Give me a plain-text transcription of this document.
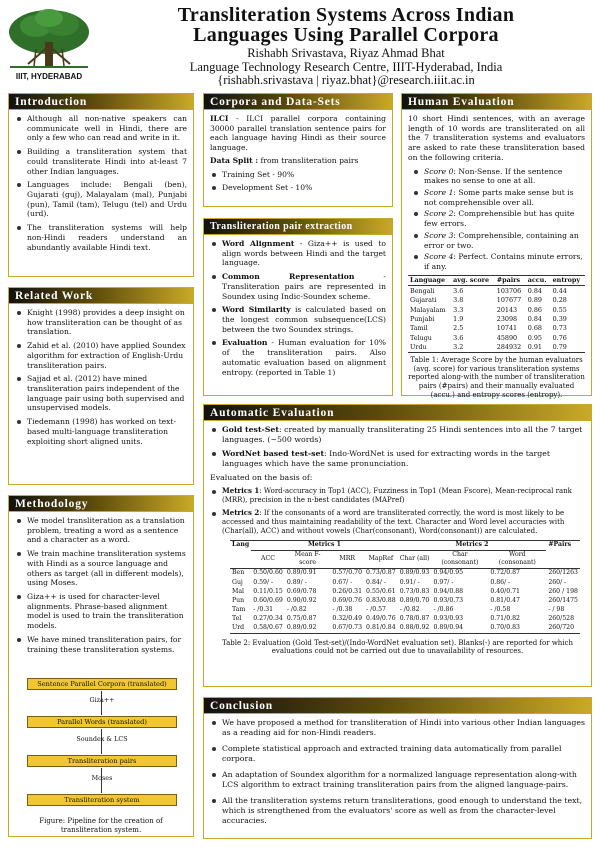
IIIT, HYDERABAD
Transliteration Systems Across Indian
Languages Using Parallel Corpora
Rishabh Srivastava, Riyaz Ahmad Bhat
Language Technology Research Centre, IIIT-Hyderabad, India
{rishabh.srivastava | riyaz.bhat}@research.iiit.ac.in
Introduction
Although all non-native speakers can communicate well in Hindi, there are only a few who can read and write in it.
Building a transliteration system that could transliterate Hindi into at-least 7 other Indian languages.
Languages include: Bengali (ben), Gujarati (guj), Malayalam (mal), Punjabi (pun), Tamil (tam), Telugu (tel) and Urdu (urd).
The transliteration systems will help non-Hindi readers understand an abundantly available Hindi text.
Related Work
Knight (1998) provides a deep insight on how transliteration can be thought of as translation.
Zahid et al. (2010) have applied Soundex algorithm for extraction of English-Urdu transliteration pairs.
Sajjad et al. (2012) have mined transliteration pairs independent of the language pair using both supervised and unsupervised models.
Tiedemann (1998) has worked on text-based multi-language transliteration exploiting short aligned units.
Methodology
We model transliteration as a translation problem, treating a word as a sentence and a character as a word.
We train machine transliteration systems with Hindi as a source language and others as target (all in different models), using Moses.
Giza++ is used for character-level alignments. Phrase-based alignment model is used to train the transliteration models.
We have mined transliteration pairs, for training these transliteration systems.
Sentence Parallel Corpora (translated)
Giza++
Parallel Words (translated)
Soundex & LCS
Transliteration pairs
Moses
Transliteration system
Figure: Pipeline for the creation of transliteration system.
Corpora and Data-Sets

ILCI - ILCI parallel corpora containing 30000 parallel translation sentence pairs for each language having Hindi as their source language.

Data Split : from transliteration pairs

Training Set - 90%
Development Set - 10%
Transliteration pair extraction
Word Alignment - Giza++ is used to align words between Hindi and the target language.
Common Representation - Transliteration pairs are represented in Soundex using Indic-Soundex scheme.
Word Similarity is calculated based on the longest common subsequence(LCS) between the two Soundex strings.
Evaluation - Human evaluation for 10% of the transliteration pairs. Also automatic evaluation based on alignment entropy. (reported in Table 1)
Human Evaluation

10 short Hindi sentences, with an average length of 10 words are transliterated on all the 7 transliteration systems and evaluators are asked to rate these transliteration based on the following criteria.

Score 0: Non-Sense. If the sentence makes no sense to one at all.
Score 1: Some parts make sense but is not comprehensible over all.
Score 2: Comprehensible but has quite few errors.
Score 3: Comprehensible, containing an error or two.
Score 4: Perfect. Contains minute errors, if any.
Language	avg. score	#pairs	accu.	entropy
Bengali	3.6	103706	0.84	0.44
Gujarati	3.8	107677	0.89	0.28
Malayalam	3.3	20143	0.86	0.55
Punjabi	1.9	23098	0.84	0.39
Tamil	2.5	10741	0.68	0.73
Telugu	3.6	45890	0.95	0.76
Urdu	3.2	284932	0.91	0.79

Table 1: Average Score by the human evaluators (avg. score) for various transliteration systems reported along-with the number of transliteration pairs (#pairs) and their manually evaluated (accu.) and entropy scores (entropy).

Automatic Evaluation
Gold test-Set: created by manually transliterating 25 Hindi sentences into all the 7 target languages. (~500 words)
WordNet based test-set: Indo-WordNet is used for extracting words in the target languages which have the same pronunciation.

Evaluated on the basis of:

Metrics 1: Word-accuracy in Top1 (ACC), Fuzziness in Top1 (Mean Fscore), Mean-reciprocal rank (MRR), precision in the n-best candidates (MAPref)
Metrics 2: If the consonants of a word are transliterated correctly, the word is most likely to be accessed and thus maintaining readability of the text. Character and Word level accuracies with (Char(all), ACC) and without vowels (Char(consonant), Word(consonant)) are calculated.
Lang	Metrics 1				Metrics 2			#Pairs
	ACC	Mean F-score	MRR	MapRef	Char (all)	Char (consonant)	Word (consonant)	
Ben	0.50/0.60	0.89/0.91	0.57/0.70	0.73/0.87	0.89/0.93	0.94/0.95	0.72/0.87	260/1263
Guj	0.59/ -	0.89/ -	0.67/ -	0.84/ -	0.91/ -	0.97/ -	0.86/ -	260/ -
Mal	0.11/0.15	0.69/0.78	0.26/0.31	0.55/0.61	0.73/0.83	0.94/0.88	0.40/0.71	260 / 198
Pun	0.60/0.69	0.90/0.92	0.69/0.76	0.83/0.88	0.89/0.70	0.93/0.73	0.81/0.47	260/1475
Tam	- /0.31	- /0.82	- /0.38	- /0.57	- /0.82	- /0.86	- /0.58	- / 98
Tel	0.27/0.34	0.75/0.87	0.32/0.49	0.49/0.76	0.78/0.87	0.93/0.93	0.71/0.82	260/528
Urd	0.58/0.67	0.89/0.92	0.67/0.73	0.81/0.84	0.88/0.92	0.89/0.94	0.70/0.83	260/720

Table 2: Evaluation (Gold Test-set)/(Indo-WordNet evaluation set). Blanks(-) are reported for which evaluations could not be carried out due to unavailability of resources.

Conclusion
We have proposed a method for transliteration of Hindi into various other Indian languages as a reading aid for non-Hindi readers.
Complete statistical approach and extracted training data automatically from parallel corpora.
An adaptation of Soundex algorithm for a normalized language representation along-with LCS algorithm to extract training transliteration pairs from the aligned language-pairs.
All the transliteration systems return transliterations, good enough to understand the text, which is strengthened from the evaluators' score as well as from the character-level accuracies.
